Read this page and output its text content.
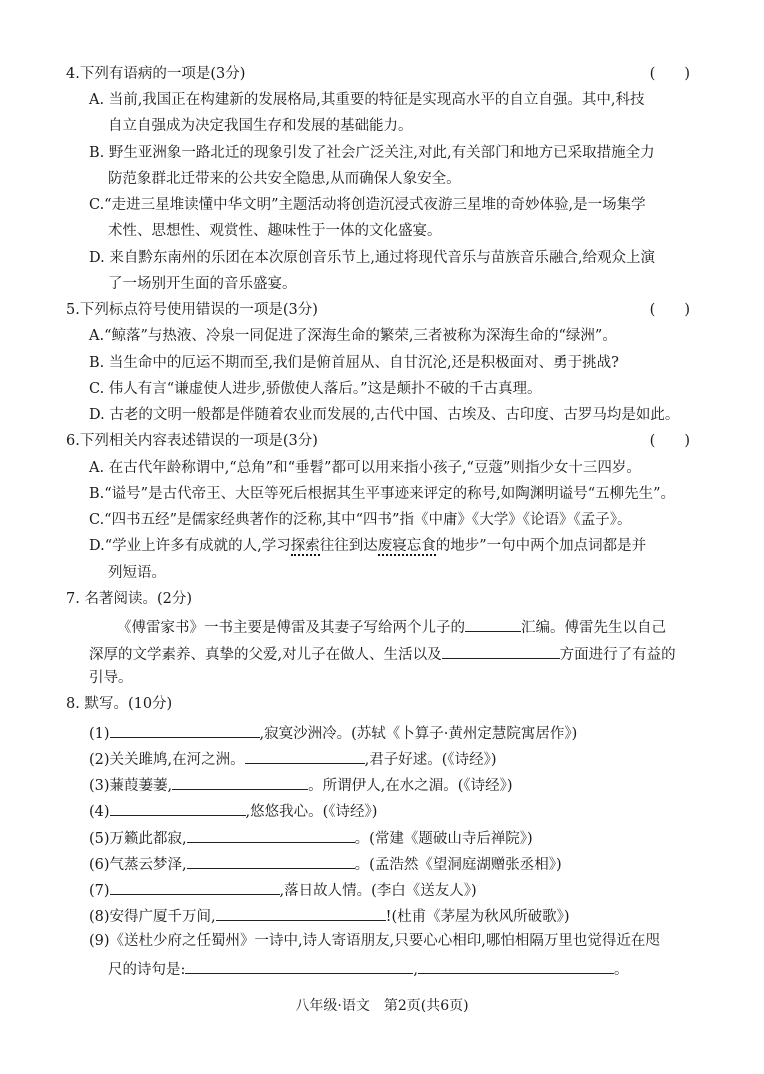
4.下列有语病的一项是(3分)	(　　)
A. 当前,我国正在构建新的发展格局,其重要的特征是实现高水平的自立自强。其中,科技
自立自强成为决定我国生存和发展的基础能力。
B. 野生亚洲象一路北迁的现象引发了社会广泛关注,对此,有关部门和地方已采取措施全力
防范象群北迁带来的公共安全隐患,从而确保人象安全。
C.“走进三星堆读懂中华文明”主题活动将创造沉浸式夜游三星堆的奇妙体验,是一场集学
术性、思想性、观赏性、趣味性于一体的文化盛宴。
D. 来自黔东南州的乐团在本次原创音乐节上,通过将现代音乐与苗族音乐融合,给观众上演
了一场别开生面的音乐盛宴。
5.下列标点符号使用错误的一项是(3分)	(　　)
A.“鲸落”与热液、冷泉一同促进了深海生命的繁荣,三者被称为深海生命的“绿洲”。
B. 当生命中的厄运不期而至,我们是俯首屈从、自甘沉沦,还是积极面对、勇于挑战?
C. 伟人有言“谦虚使人进步,骄傲使人落后。”这是颠扑不破的千古真理。
D. 古老的文明一般都是伴随着农业而发展的,古代中国、古埃及、古印度、古罗马均是如此。
6.下列相关内容表述错误的一项是(3分)	(　　)
A. 在古代年龄称谓中,“总角”和“垂髫”都可以用来指小孩子,“豆蔻”则指少女十三四岁。
B.“谥号”是古代帝王、大臣等死后根据其生平事迹来评定的称号,如陶渊明谥号“五柳先生”。
C.“四书五经”是儒家经典著作的泛称,其中“四书”指《中庸》《大学》《论语》《孟子》。
D.“学业上许多有成就的人,学习探索往往到达废寝忘食的地步”一句中两个加点词都是并
列短语。
7. 名著阅读。(2分)
《傅雷家书》一书主要是傅雷及其妻子写给两个儿子的	汇编。傅雷先生以自己
深厚的文学素养、真挚的父爱,对儿子在做人、生活以及	方面进行了有益的
引导。
8. 默写。(10分)
(1)	,寂寞沙洲冷。(苏轼《卜算子·黄州定慧院寓居作》)
(2)关关雎鸠,在河之洲。	,君子好逑。(《诗经》)
(3)蒹葭萋萋,	。所谓伊人,在水之湄。(《诗经》)
(4)	,悠悠我心。(《诗经》)
(5)万籁此都寂,	。(常建《题破山寺后禅院》)
(6)气蒸云梦泽,	。(孟浩然《望洞庭湖赠张丞相》)
(7)	,落日故人情。(李白《送友人》)
(8)安得广厦千万间,	!(杜甫《茅屋为秋风所破歌》)
(9)《送杜少府之任蜀州》一诗中,诗人寄语朋友,只要心心相印,哪怕相隔万里也觉得近在咫
尺的诗句是:	,	。
八年级·语文　第2页(共6页)
